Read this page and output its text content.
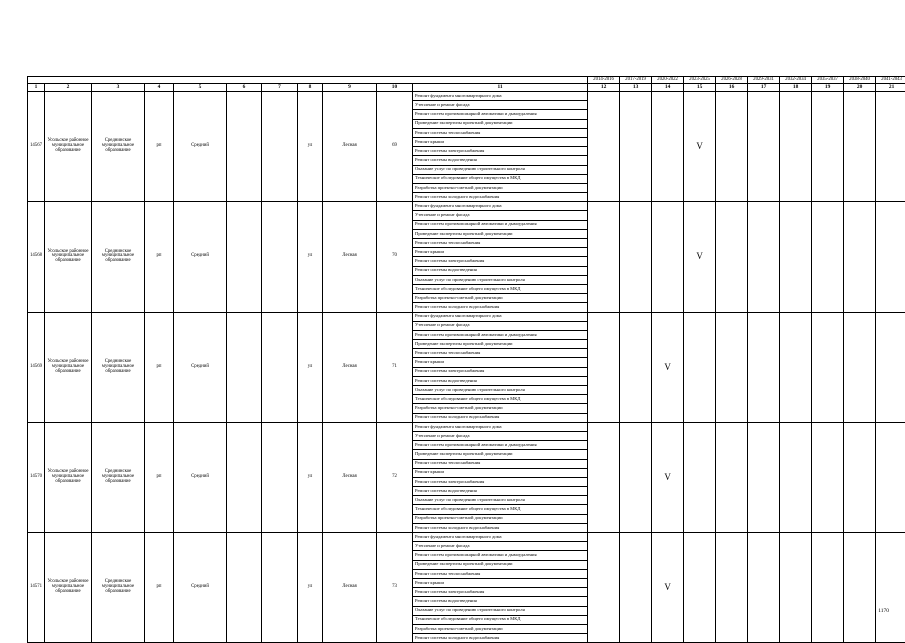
											2014-2016	2017-2019	2020-2022	2023-2025	2026-2028	2029-2031	2032-2034	2035-2037	2038-2040	2041-2043
1	2	3	4	5	6	7	8	9	10	11	12	13	14	15	16	17	18	19	20	21
14567	Усольское районное муниципальное образование	Среднинское муниципальное образование	рп	Средний			ул	Лесная	69	Ремонт фундамента многоквартирного дома				V						
										Утепление и ремонт фасада										
										Ремонт систем противопожарной автоматики и дымоудаления										
										Проведение экспертизы проектной документации										
										Ремонт системы теплоснабжения										
										Ремонт крыши										
										Ремонт системы электроснабжения										
										Ремонт системы водоотведения										
										Оказание услуг по проведению строительного контроля										
										Техническое обследование общего имущества в МКД										
										Разработка проектно-сметной документации										
										Ремонт системы холодного водоснабжения										
14568	Усольское районное муниципальное образование	Среднинское муниципальное образование	рп	Средний			ул	Лесная	70	Ремонт фундамента многоквартирного дома				V						
										Утепление и ремонт фасада										
										Ремонт систем противопожарной автоматики и дымоудаления										
										Проведение экспертизы проектной документации										
										Ремонт системы теплоснабжения										
										Ремонт крыши										
										Ремонт системы электроснабжения										
										Ремонт системы водоотведения										
										Оказание услуг по проведению строительного контроля										
										Техническое обследование общего имущества в МКД										
										Разработка проектно-сметной документации										
										Ремонт системы холодного водоснабжения										
14569	Усольское районное муниципальное образование	Среднинское муниципальное образование	рп	Средний			ул	Лесная	71	Ремонт фундамента многоквартирного дома			V							
										Утепление и ремонт фасада										
										Ремонт систем противопожарной автоматики и дымоудаления										
										Проведение экспертизы проектной документации										
										Ремонт системы теплоснабжения										
										Ремонт крыши										
										Ремонт системы электроснабжения										
										Ремонт системы водоотведения										
										Оказание услуг по проведению строительного контроля										
										Техническое обследование общего имущества в МКД										
										Разработка проектно-сметной документации										
										Ремонт системы холодного водоснабжения										
14570	Усольское районное муниципальное образование	Среднинское муниципальное образование	рп	Средний			ул	Лесная	72	Ремонт фундамента многоквартирного дома			V							
										Утепление и ремонт фасада										
										Ремонт систем противопожарной автоматики и дымоудаления										
										Проведение экспертизы проектной документации										
										Ремонт системы теплоснабжения										
										Ремонт крыши										
										Ремонт системы электроснабжения										
										Ремонт системы водоотведения										
										Оказание услуг по проведению строительного контроля										
										Техническое обследование общего имущества в МКД										
										Разработка проектно-сметной документации										
										Ремонт системы холодного водоснабжения										
14571	Усольское районное муниципальное образование	Среднинское муниципальное образование	рп	Средний			ул	Лесная	73	Ремонт фундамента многоквартирного дома			V							
										Утепление и ремонт фасада										
										Ремонт систем противопожарной автоматики и дымоудаления										
										Проведение экспертизы проектной документации										
										Ремонт системы теплоснабжения										
										Ремонт крыши										
										Ремонт системы электроснабжения										
										Ремонт системы водоотведения										
										Оказание услуг по проведению строительного контроля										
										Техническое обследование общего имущества в МКД										
										Разработка проектно-сметной документации										
										Ремонт системы холодного водоснабжения										
1170
